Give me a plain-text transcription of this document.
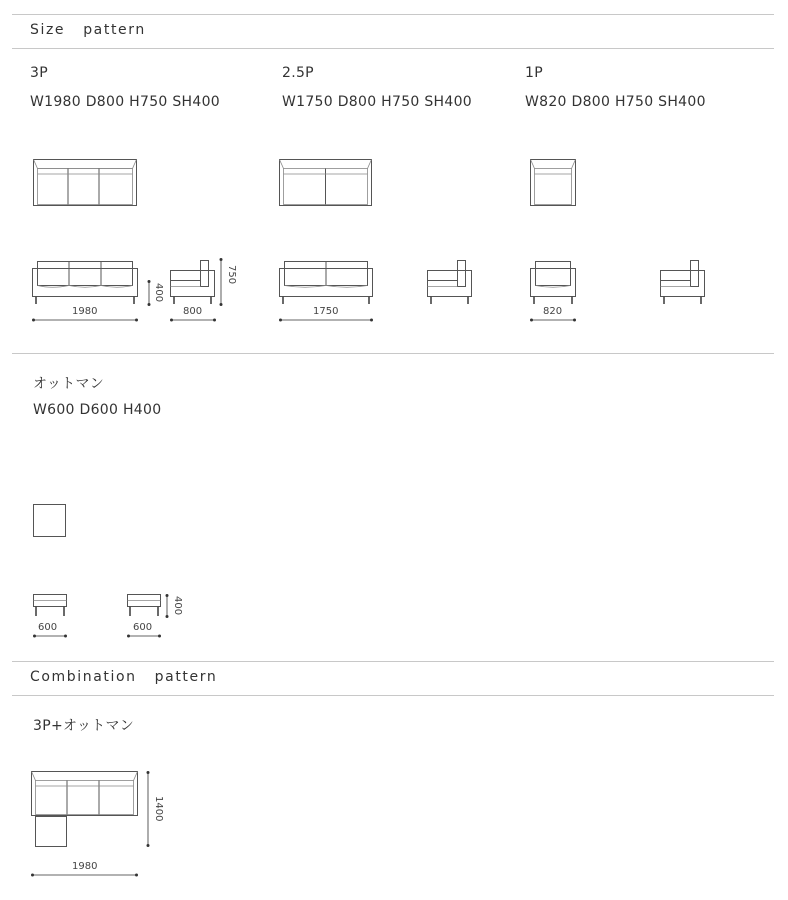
Size pattern
3P
W1980 D800 H750 SH400
2.5P
W1750 D800 H750 SH400
1P
W820 D800 H750 SH400
1980
400
800
750
1750	820
オットマン
W600 D600 H400
600	600
400
Combination pattern
3P+オットマン
1400
1980
